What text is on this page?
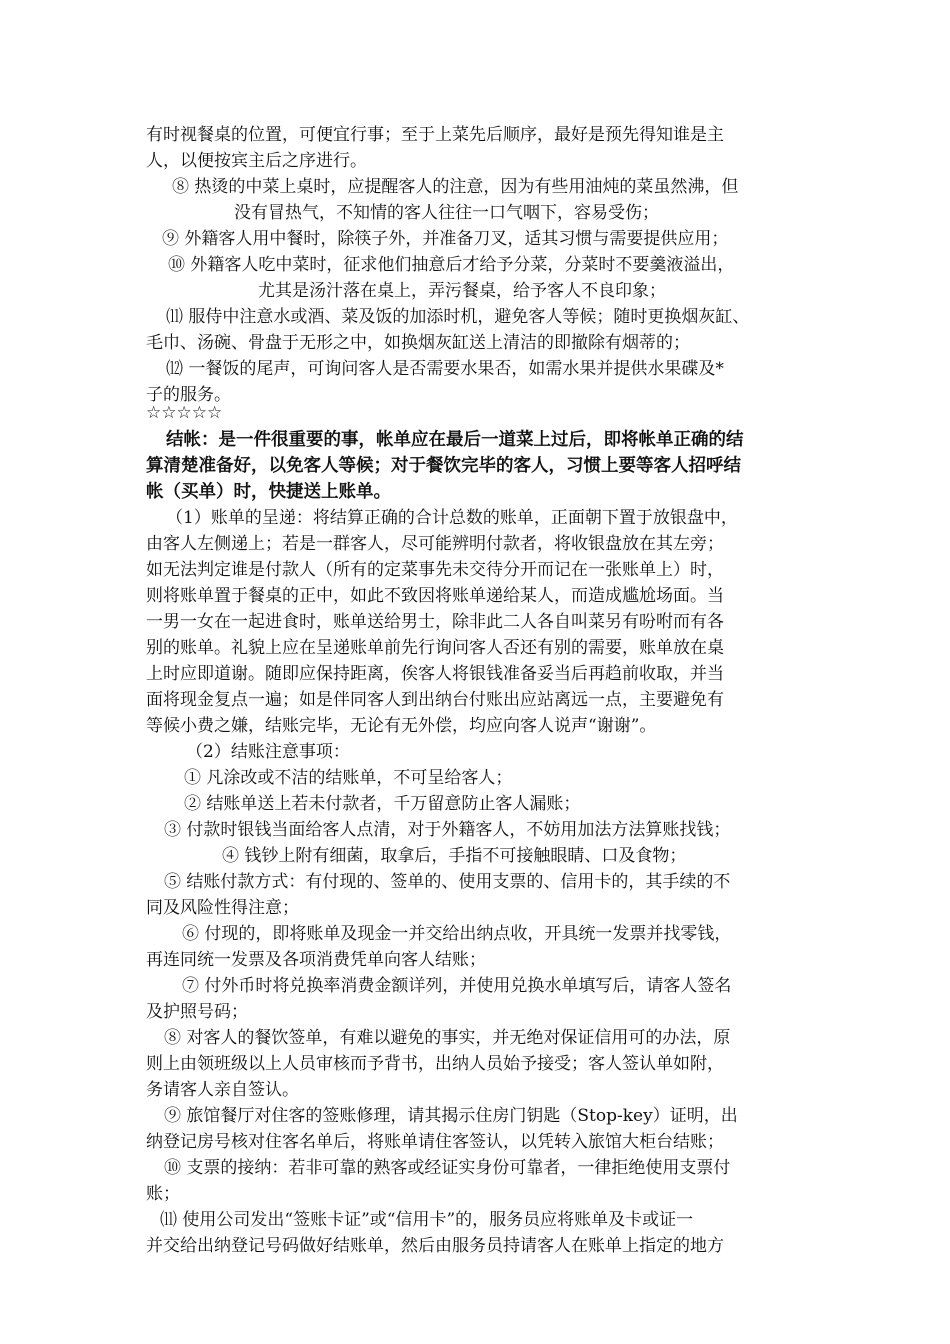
有时视餐桌的位置，可便宜行事；至于上菜先后顺序，最好是预先得知谁是主
人，以便按宾主后之序进行。
⑧ 热烫的中菜上桌时，应提醒客人的注意，因为有些用油炖的菜虽然沸，但
没有冒热气，不知情的客人往往一口气咽下，容易受伤；
⑨ 外籍客人用中餐时，除筷子外，并准备刀叉，适其习惯与需要提供应用；
⑩ 外籍客人吃中菜时，征求他们抽意后才给予分菜，分菜时不要羹液溢出，
尤其是汤汁落在桌上，弄污餐桌，给予客人不良印象；
⑾ 服侍中注意水或酒、菜及饭的加添时机，避免客人等候；随时更换烟灰缸、
毛巾、汤碗、骨盘于无形之中，如换烟灰缸送上清洁的即撤除有烟蒂的；
⑿ 一餐饭的尾声，可询问客人是否需要水果否，如需水果并提供水果碟及*
子的服务。
☆☆☆☆☆
结帐：是一件很重要的事，帐单应在最后一道菜上过后，即将帐单正确的结
算清楚准备好，以免客人等候；对于餐饮完毕的客人，习惯上要等客人招呼结
帐（买单）时，快捷送上账单。
（1）账单的呈递：将结算正确的合计总数的账单，正面朝下置于放银盘中，
由客人左侧递上；若是一群客人，尽可能辨明付款者，将收银盘放在其左旁；
如无法判定谁是付款人（所有的定菜事先未交待分开而记在一张账单上）时，
则将账单置于餐桌的正中，如此不致因将账单递给某人，而造成尴尬场面。当
一男一女在一起进食时，账单送给男士，除非此二人各自叫菜另有吩咐而有各
别的账单。礼貌上应在呈递账单前先行询问客人否还有别的需要，账单放在桌
上时应即道谢。随即应保持距离，俟客人将银钱准备妥当后再趋前收取，并当
面将现金复点一遍；如是伴同客人到出纳台付账出应站离远一点，主要避免有
等候小费之嫌，结账完毕，无论有无外偿，均应向客人说声“谢谢”。
（2）结账注意事项：
① 凡涂改或不洁的结账单，不可呈给客人；
② 结账单送上若未付款者，千万留意防止客人漏账；
③ 付款时银钱当面给客人点清，对于外籍客人，不妨用加法方法算账找钱；
④ 钱钞上附有细菌，取拿后，手指不可接触眼睛、口及食物；
⑤ 结账付款方式：有付现的、签单的、使用支票的、信用卡的，其手续的不
同及风险性得注意；
⑥ 付现的，即将账单及现金一并交给出纳点收，开具统一发票并找零钱，
再连同统一发票及各项消费凭单向客人结账；
⑦ 付外币时将兑换率消费金额详列，并使用兑换水单填写后，请客人签名
及护照号码；
⑧ 对客人的餐饮签单，有难以避免的事实，并无绝对保证信用可的办法，原
则上由领班级以上人员审核而予背书，出纳人员始予接受；客人签认单如附，
务请客人亲自签认。
⑨ 旅馆餐厅对住客的签账修理，请其揭示住房门钥匙（Stop-key）证明，出
纳登记房号核对住客名单后，将账单请住客签认，以凭转入旅馆大柜台结账；
⑩ 支票的接纳：若非可靠的熟客或经证实身份可靠者，一律拒绝使用支票付
账；
⑾ 使用公司发出“签账卡证”或“信用卡”的，服务员应将账单及卡或证一
并交给出纳登记号码做好结账单，然后由服务员持请客人在账单上指定的地方
